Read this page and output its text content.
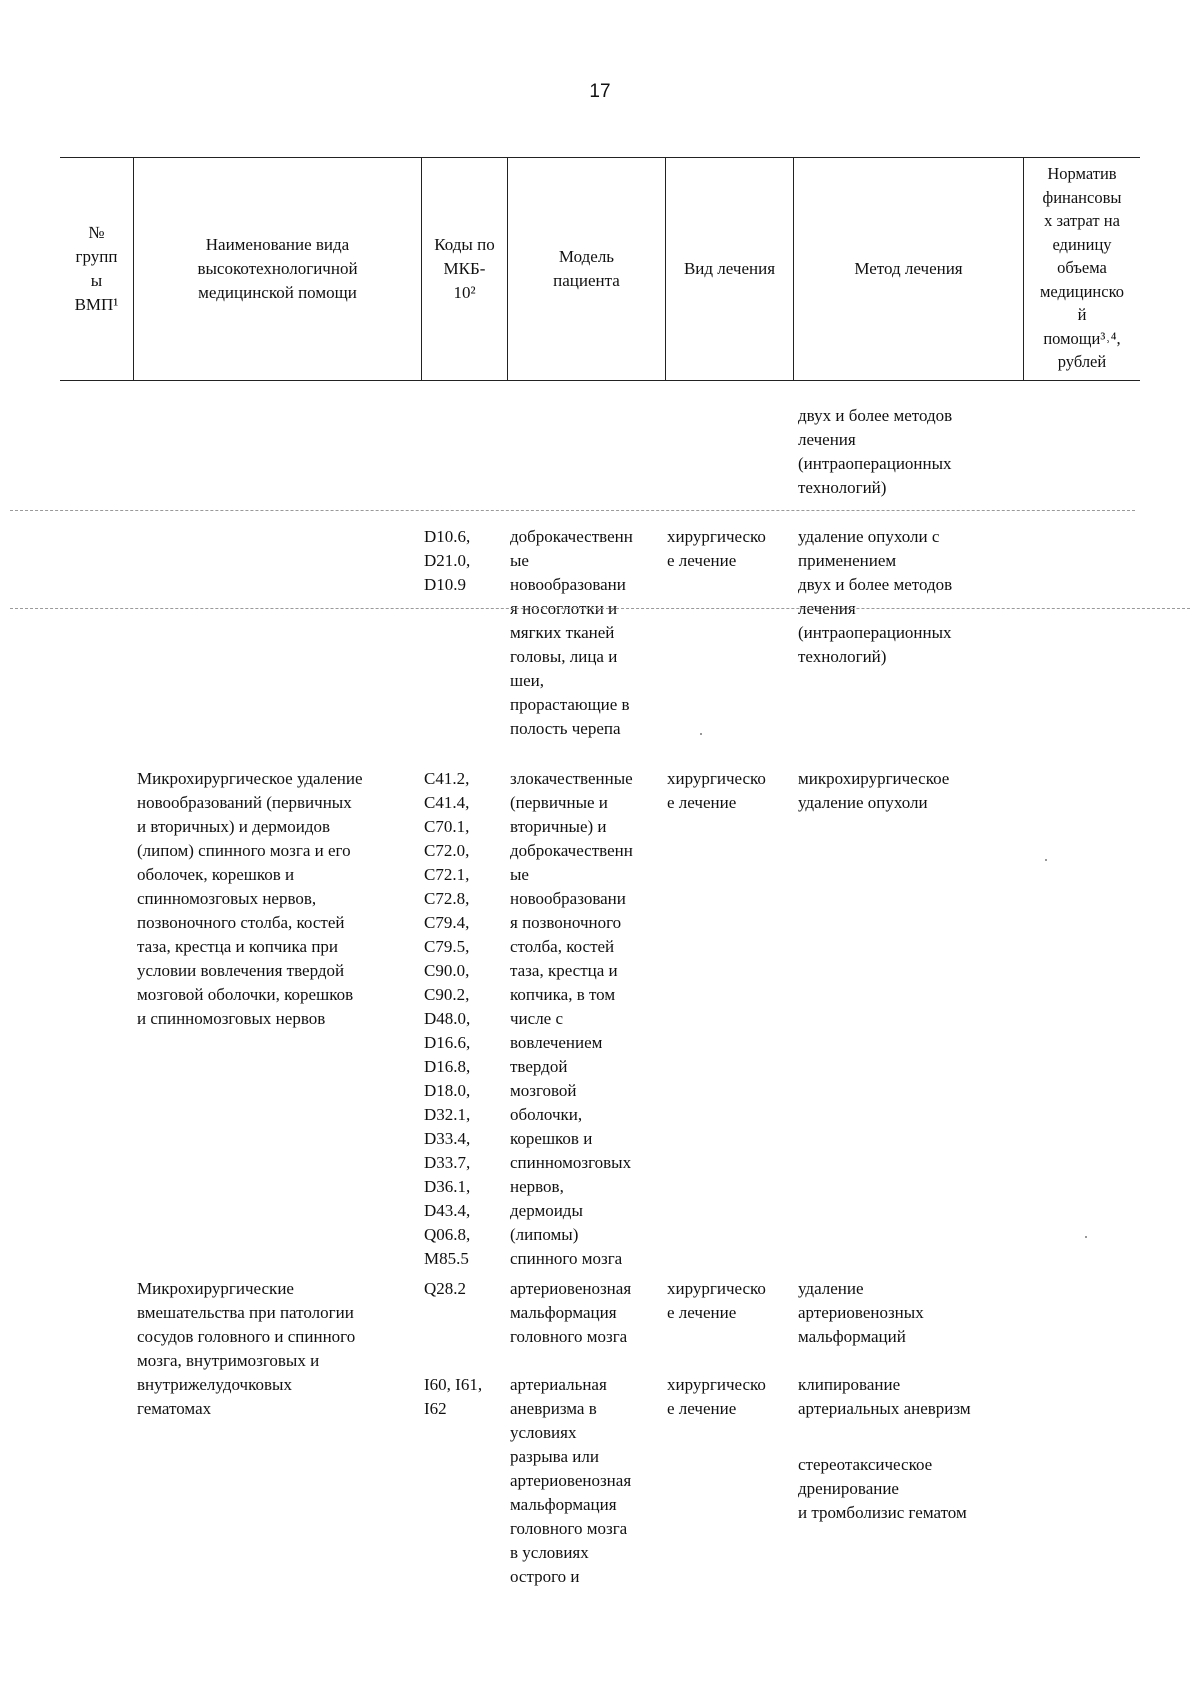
17
№
групп
ы
ВМП¹
Наименование вида
высокотехнологичной
медицинской помощи
Коды по
МКБ-
10²
Модель
пациента
Вид лечения	Метод лечения
Норматив
финансовы
х затрат на
единицу
объема
медицинско
й
помощи³˒⁴,
рублей
двух и более методов
лечения
(интраоперационных
технологий)
D10.6,
D21.0,
D10.9
доброкачественн
ые
новообразовани
я носоглотки и
мягких тканей
головы, лица и
шеи,
прорастающие в
полость черепа
хирургическо
е лечение
удаление опухоли с
применением
двух и более методов
лечения
(интраоперационных
технологий)
Микрохирургическое удаление
новообразований (первичных
и вторичных) и дермоидов
(липом) спинного мозга и его
оболочек, корешков и
спинномозговых нервов,
позвоночного столба, костей
таза, крестца и копчика при
условии вовлечения твердой
мозговой оболочки, корешков
и спинномозговых нервов
C41.2,
C41.4,
C70.1,
C72.0,
C72.1,
C72.8,
C79.4,
C79.5,
C90.0,
C90.2,
D48.0,
D16.6,
D16.8,
D18.0,
D32.1,
D33.4,
D33.7,
D36.1,
D43.4,
Q06.8,
M85.5
злокачественные
(первичные и
вторичные) и
доброкачественн
ые
новообразовани
я позвоночного
столба, костей
таза, крестца и
копчика, в том
числе с
вовлечением
твердой
мозговой
оболочки,
корешков и
спинномозговых
нервов,
дермоиды
(липомы)
спинного мозга
хирургическо
е лечение
микрохирургическое
удаление опухоли
Микрохирургические
вмешательства при патологии
сосудов головного и спинного
мозга, внутримозговых и
внутрижелудочковых
гематомах
Q28.2	артериовенозная
мальформация
головного мозга
хирургическо
е лечение
удаление
артериовенозных
мальформаций
I60, I61,
I62
артериальная
аневризма в
условиях
разрыва или
артериовенозная
мальформация
головного мозга
в условиях
острого и
хирургическо
е лечение
клипирование
артериальных аневризм
стереотаксическое
дренирование
и тромболизис гематом
